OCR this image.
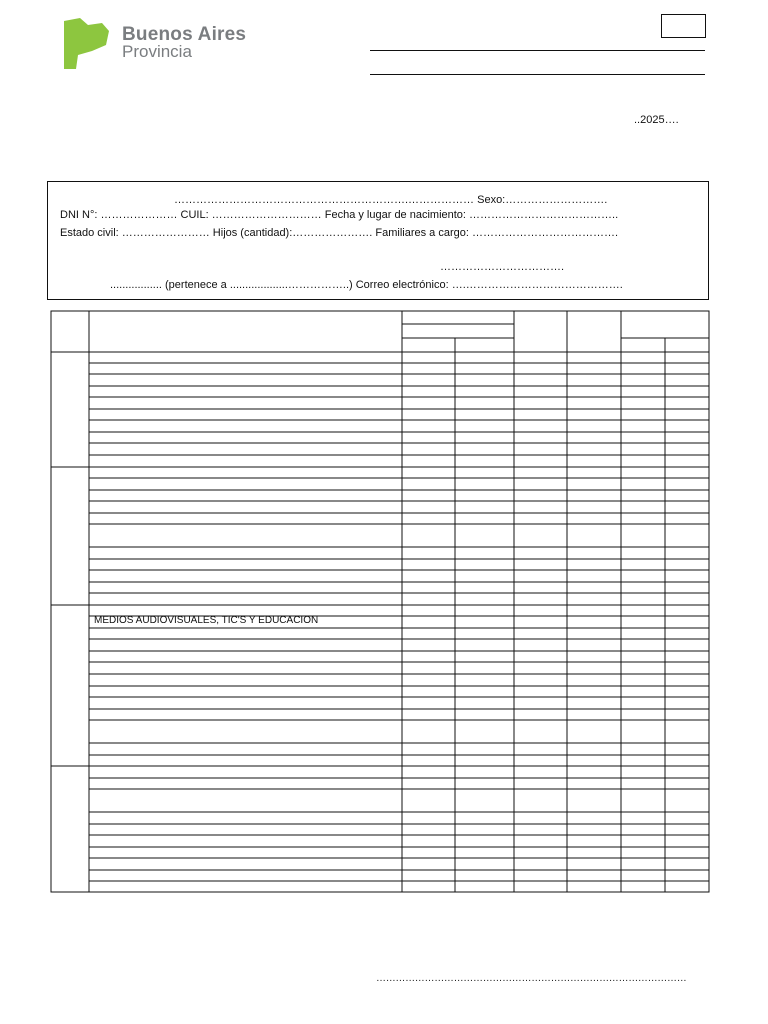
Buenos Aires
Provincia
..2025….
……………………………………………………….……………… Sexo:……………………….
DNI N°: ………………… CUIL: ………………………… Fecha y lugar de nacimiento: …………………………………..
Estado civil: …………………… Hijos (cantidad):…………………. Familiares a cargo: ………………………………….
…………………………….
................. (pertenece a ...................……………..) Correo electrónico: ….…………………………………….
MEDIOS AUDIOVISUALES, TIC'S Y EDUCACION
……………………………………………………………………………………
